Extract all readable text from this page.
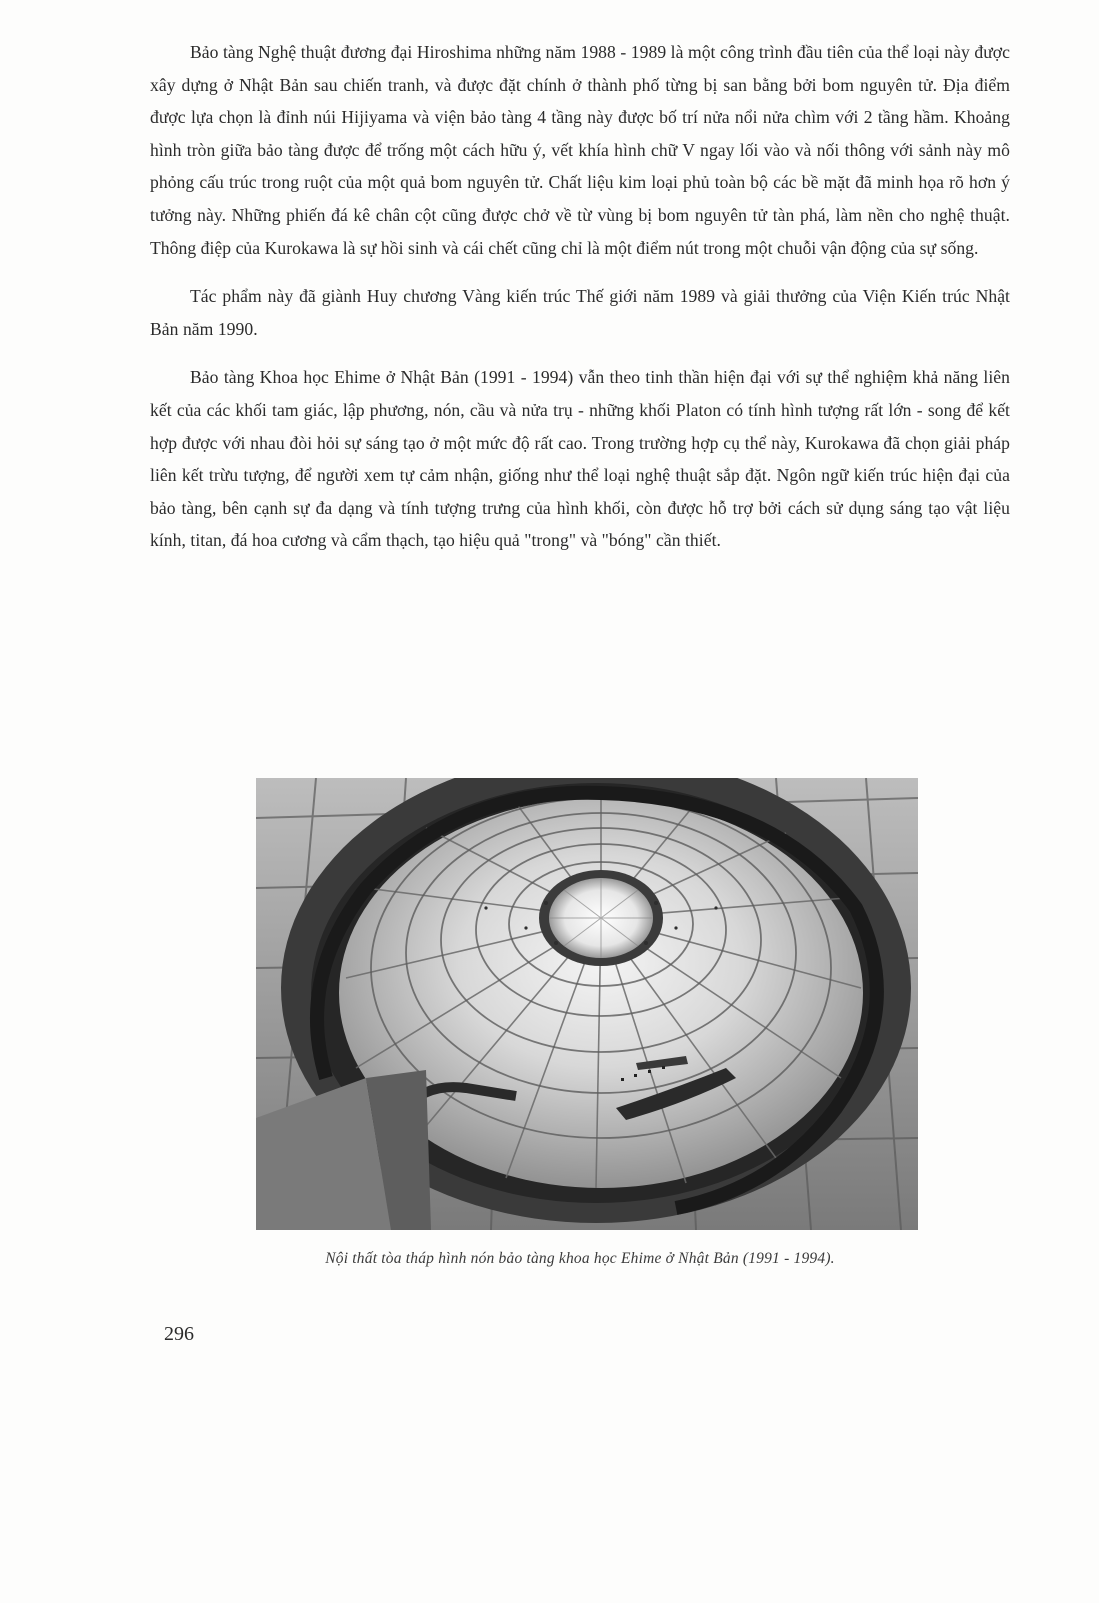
Bảo tàng Nghệ thuật đương đại Hiroshima những năm 1988 - 1989 là một công trình đầu tiên của thể loại này được xây dựng ở Nhật Bản sau chiến tranh, và được đặt chính ở thành phố từng bị san bằng bởi bom nguyên tử. Địa điểm được lựa chọn là đỉnh núi Hijiyama và viện bảo tàng 4 tầng này được bố trí nửa nổi nửa chìm với 2 tầng hầm. Khoảng hình tròn giữa bảo tàng được để trống một cách hữu ý, vết khía hình chữ V ngay lối vào và nối thông với sảnh này mô phỏng cấu trúc trong ruột của một quả bom nguyên tử. Chất liệu kim loại phủ toàn bộ các bề mặt đã minh họa rõ hơn ý tưởng này. Những phiến đá kê chân cột cũng được chở về từ vùng bị bom nguyên tử tàn phá, làm nền cho nghệ thuật. Thông điệp của Kurokawa là sự hồi sinh và cái chết cũng chỉ là một điểm nút trong một chuỗi vận động của sự sống.

Tác phẩm này đã giành Huy chương Vàng kiến trúc Thế giới năm 1989 và giải thưởng của Viện Kiến trúc Nhật Bản năm 1990.

Bảo tàng Khoa học Ehime ở Nhật Bản (1991 - 1994) vẫn theo tinh thần hiện đại với sự thể nghiệm khả năng liên kết của các khối tam giác, lập phương, nón, cầu và nửa trụ - những khối Platon có tính hình tượng rất lớn - song để kết hợp được với nhau đòi hỏi sự sáng tạo ở một mức độ rất cao. Trong trường hợp cụ thể này, Kurokawa đã chọn giải pháp liên kết trừu tượng, để người xem tự cảm nhận, giống như thể loại nghệ thuật sắp đặt. Ngôn ngữ kiến trúc hiện đại của bảo tàng, bên cạnh sự đa dạng và tính tượng trưng của hình khối, còn được hỗ trợ bởi cách sử dụng sáng tạo vật liệu kính, titan, đá hoa cương và cẩm thạch, tạo hiệu quả "trong" và "bóng" cần thiết.

Nội thất tòa tháp hình nón bảo tàng khoa học Ehime ở Nhật Bản (1991 - 1994).
296
